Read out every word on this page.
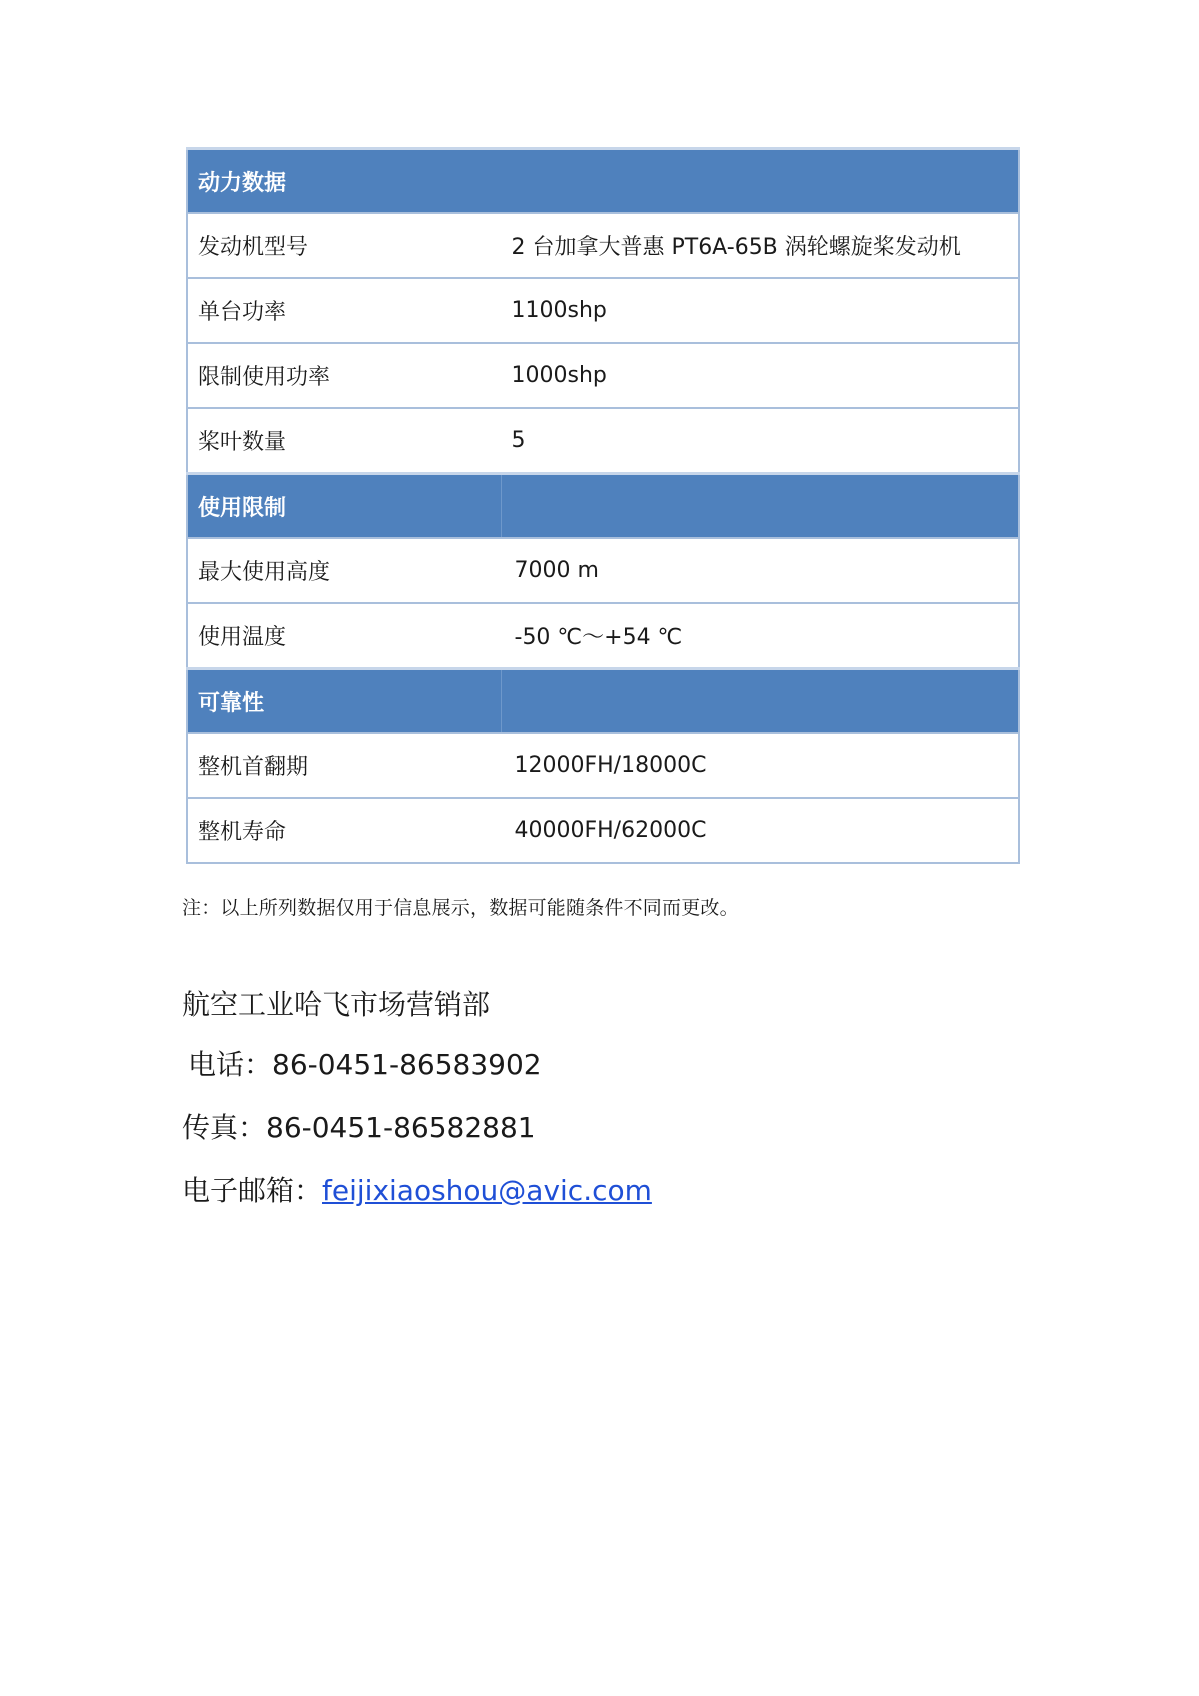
动力数据	
发动机型号	2 台加拿大普惠 PT6A-65B 涡轮螺旋桨发动机
单台功率	1100shp
限制使用功率	1000shp
桨叶数量	5
使用限制	
最大使用高度	7000 m
使用温度	-50 ℃～+54 ℃
可靠性	
整机首翻期	12000FH/18000C
整机寿命	40000FH/62000C
注：以上所列数据仅用于信息展示，数据可能随条件不同而更改。
航空工业哈飞市场营销部
电话：86-0451-86583902
传真：86-0451-86582881
电子邮箱：feijixiaoshou@avic.com
